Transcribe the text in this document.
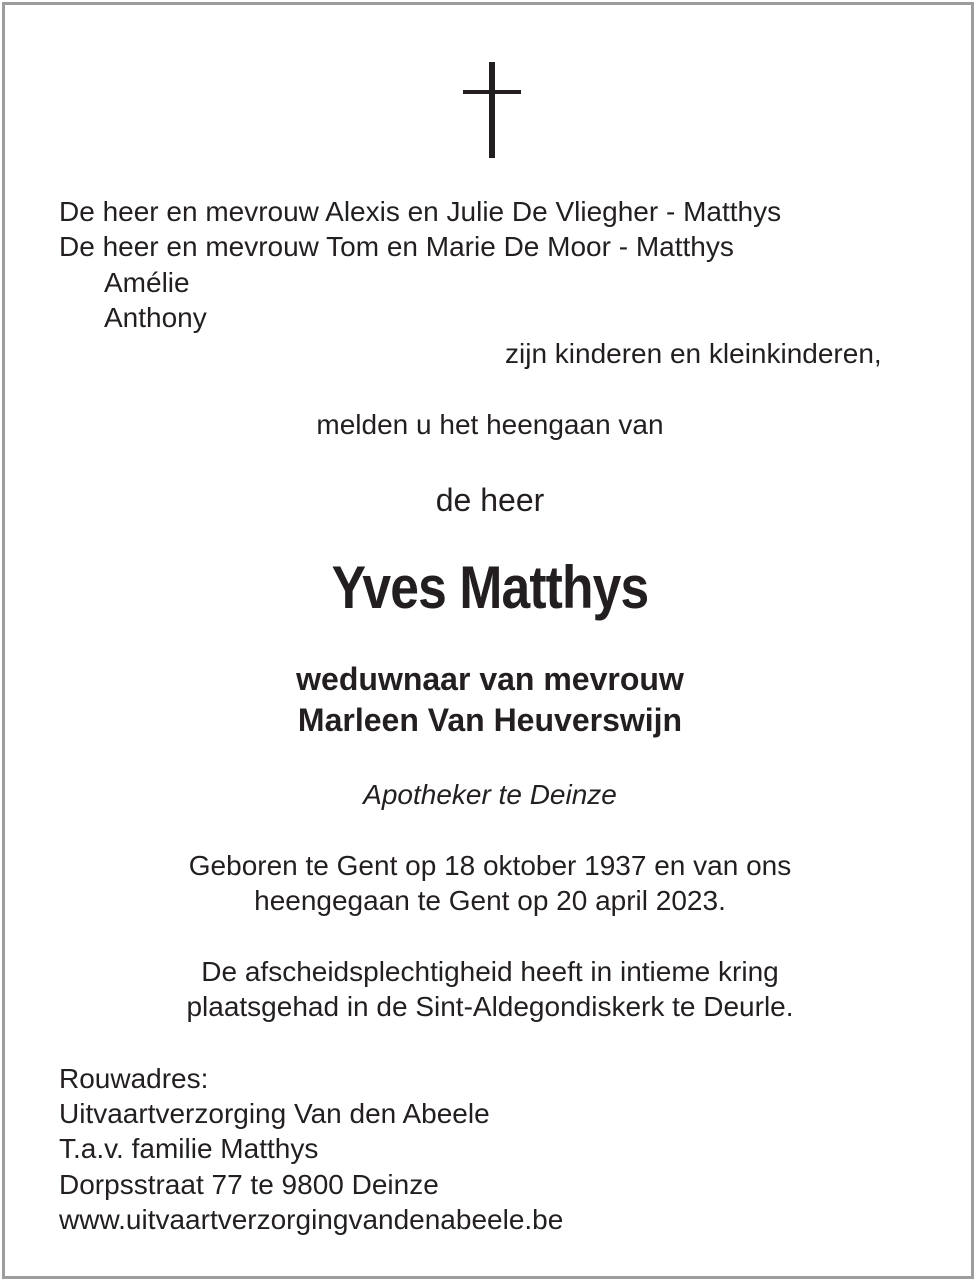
De heer en mevrouw Alexis en Julie De Vliegher - Matthys
De heer en mevrouw Tom en Marie De Moor - Matthys
Amélie
Anthony
zijn kinderen en kleinkinderen,
melden u het heengaan van
de heer
Yves Matthys
weduwnaar van mevrouw
Marleen Van Heuverswijn
Apotheker te Deinze
Geboren te Gent op 18 oktober 1937 en van ons
heengegaan te Gent op 20 april 2023.
De afscheidsplechtigheid heeft in intieme kring
plaatsgehad in de Sint-Aldegondiskerk te Deurle.
Rouwadres:
Uitvaartverzorging Van den Abeele
T.a.v. familie Matthys
Dorpsstraat 77 te 9800 Deinze
www.uitvaartverzorgingvandenabeele.be
